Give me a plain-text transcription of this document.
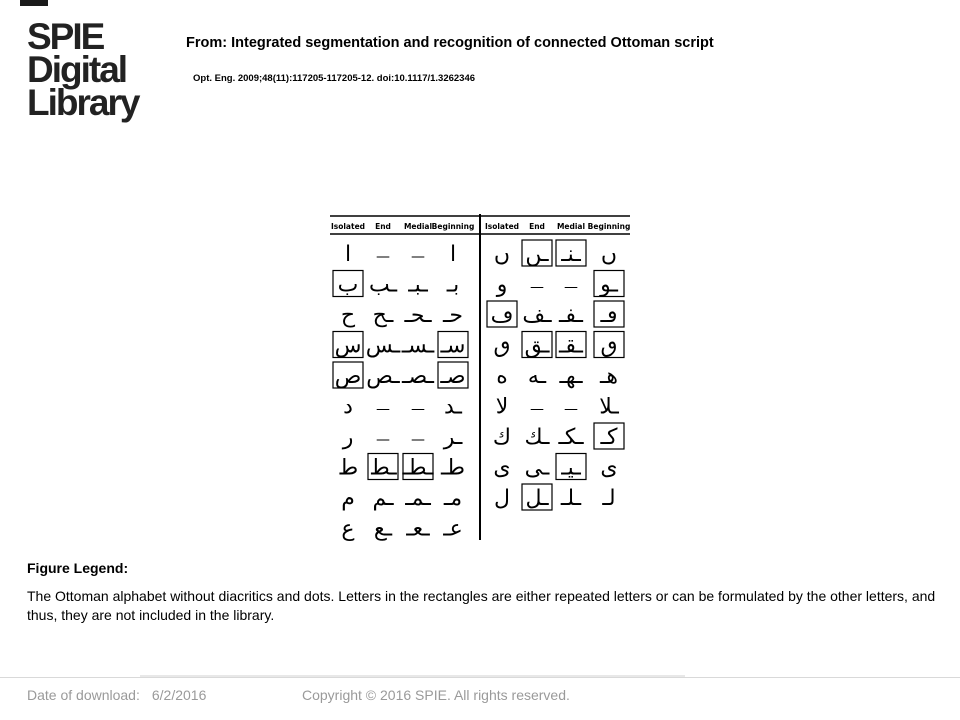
SPIE
Digital
Library
From: Integrated segmentation and recognition of connected Ottoman script
Opt. Eng. 2009;48(11):117205-117205-12. doi:10.1117/1.3262346
Isolated End Medial Beginning Isolated End Medial Beginning
ا — — ا
ب ـب ـبـ بـ
ح ـح ـحـ حـ
س ـس ـسـ سـ
ص ـص ـصـ صـ
د — — ـد
ر — — ـر
ط ـط ـطـ طـ
م ـم ـمـ مـ
ع ـع ـعـ عـ
ں ـں ـنـ ں
و — — ـو
ڡ ـف ـفـ ڡـ
ٯ ـق ـقـ ٯ
ه ـه ـهـ هـ
لا — — ـلا
ك ـك ـكـ كـ
ى ـى ـيـ ى
ل ـل ـلـ لـ
Figure Legend:
The Ottoman alphabet without diacritics and dots. Letters in the rectangles are either repeated letters or can be formulated by the other letters, and thus, they are not included in the library.
Date of download: 6/2/2016	Copyright © 2016 SPIE. All rights reserved.
